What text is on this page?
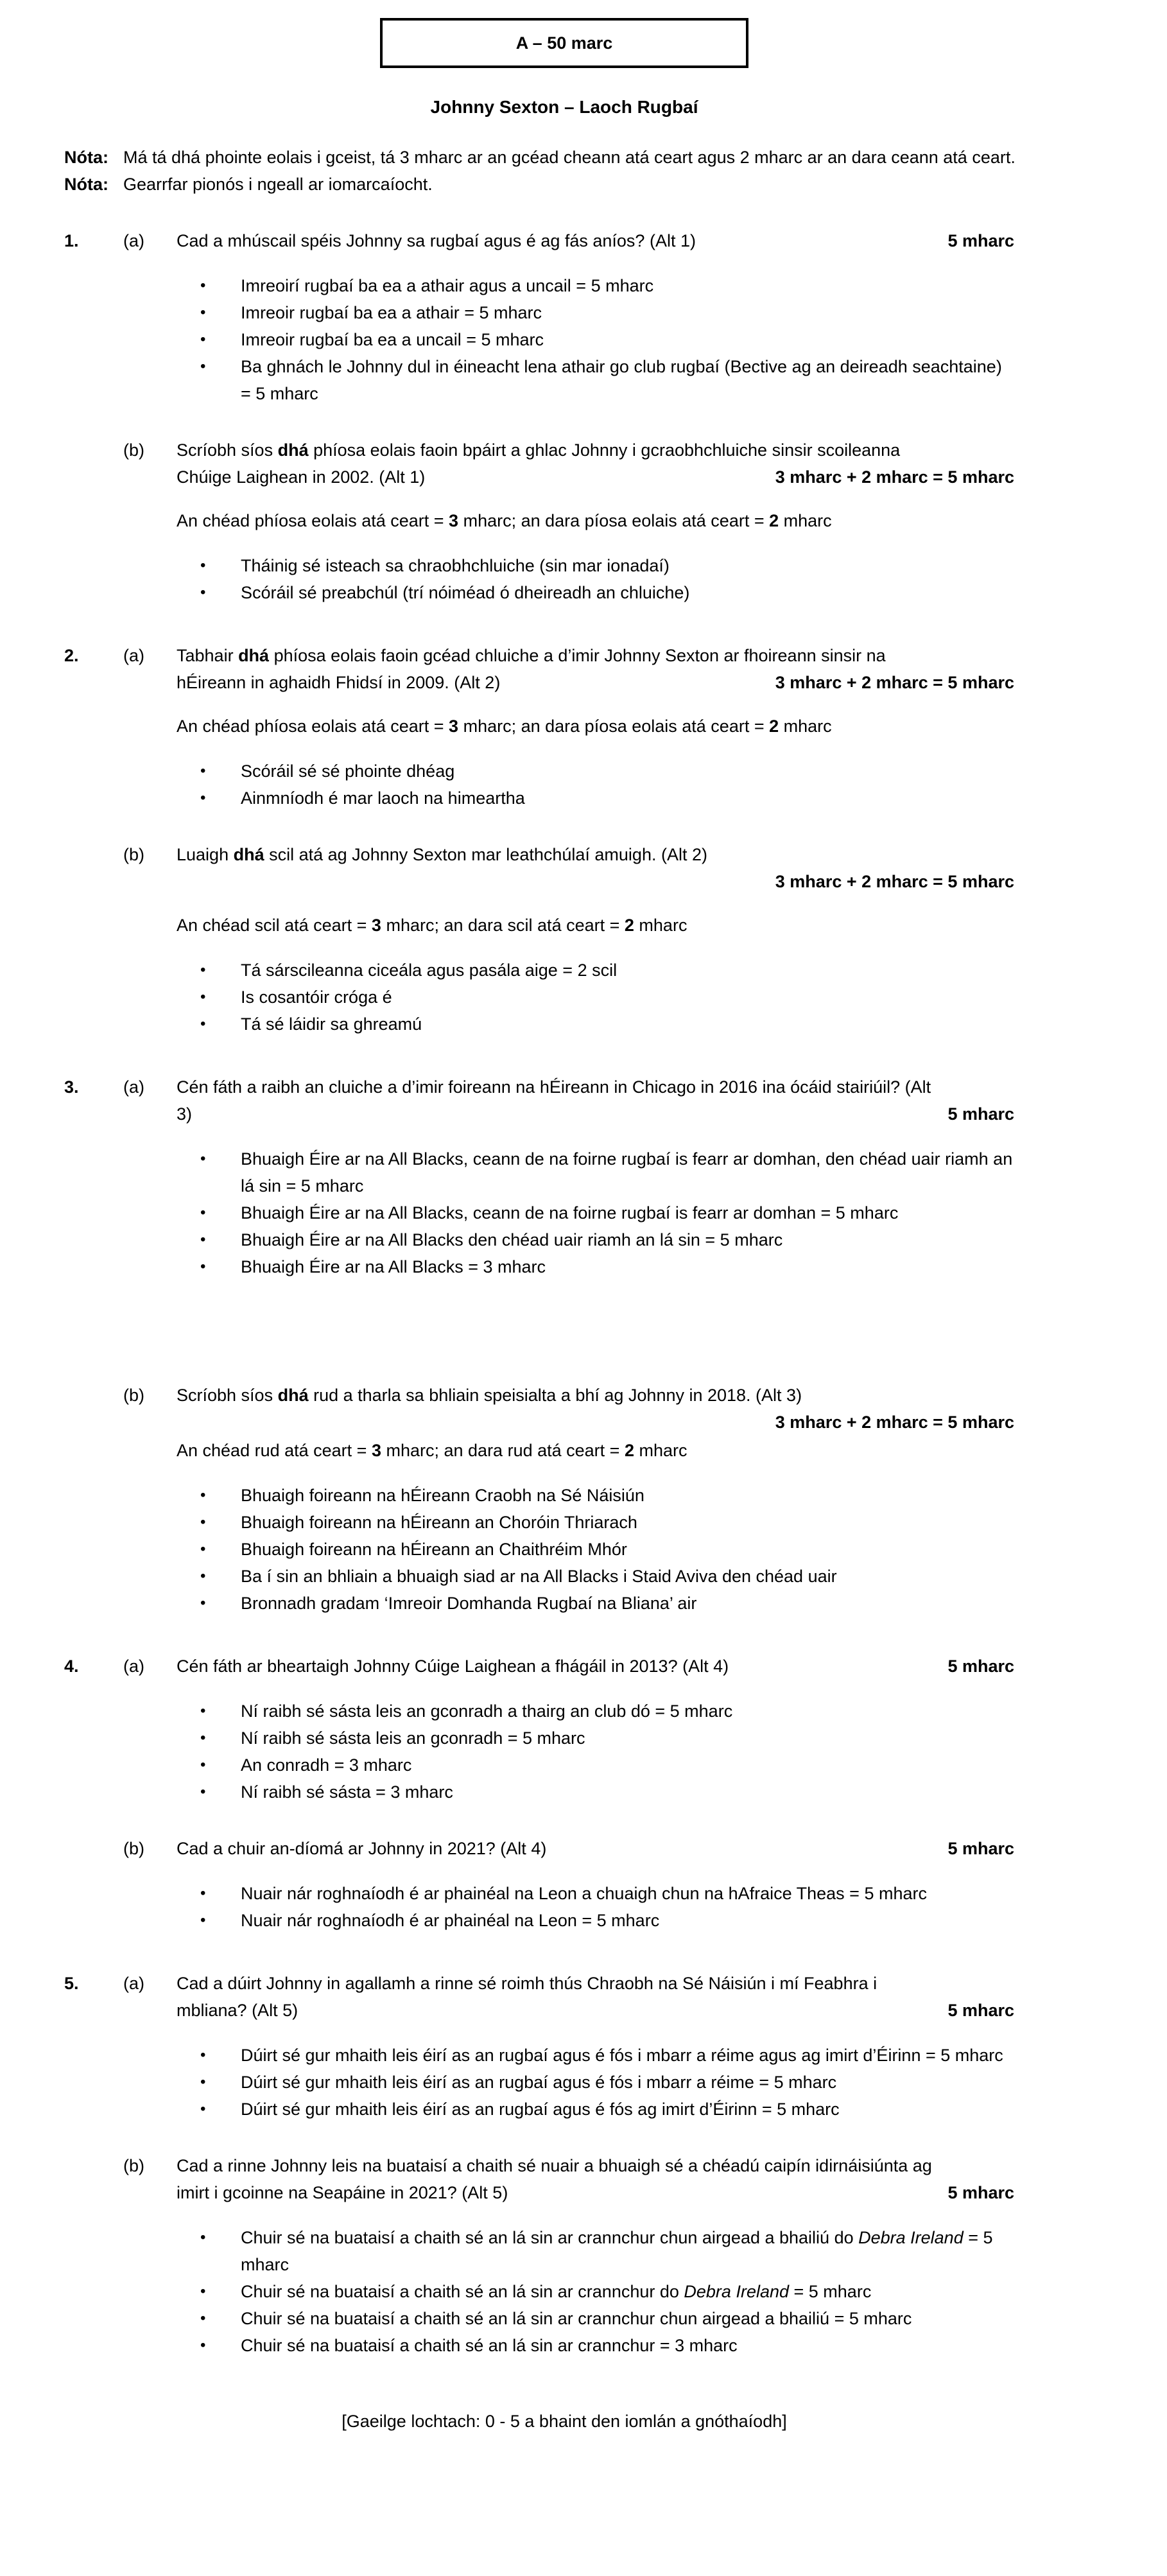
A – 50 marc
Johnny Sexton – Laoch Rugbaí
Nóta: Má tá dhá phointe eolais i gceist, tá 3 mharc ar an gcéad cheann atá ceart agus 2 mharc ar an dara ceann atá ceart.
Nóta: Gearrfar pionós i ngeall ar iomarcaíocht.
1.	(a)	Cad a mhúscail spéis Johnny sa rugbaí agus é ag fás aníos? (Alt 1)	5 mharc
•	Imreoirí rugbaí ba ea a athair agus a uncail = 5 mharc
•	Imreoir rugbaí ba ea a athair = 5 mharc
•	Imreoir rugbaí ba ea a uncail = 5 mharc
•	Ba ghnách le Johnny dul in éineacht lena athair go club rugbaí (Bective ag an deireadh seachtaine) = 5 mharc
(b)	Scríobh síos dhá phíosa eolais faoin bpáirt a ghlac Johnny i gcraobhchluiche sinsir scoileanna Chúige Laighean in 2002. (Alt 1)	3 mharc + 2 mharc = 5 mharc
An chéad phíosa eolais atá ceart = 3 mharc; an dara píosa eolais atá ceart = 2 mharc
•	Tháinig sé isteach sa chraobhchluiche (sin mar ionadaí)
•	Scóráil sé preabchúl (trí nóiméad ó dheireadh an chluiche)
2.	(a)	Tabhair dhá phíosa eolais faoin gcéad chluiche a d’imir Johnny Sexton ar fhoireann sinsir na hÉireann in aghaidh Fhidsí in 2009. (Alt 2)	3 mharc + 2 mharc = 5 mharc
An chéad phíosa eolais atá ceart = 3 mharc; an dara píosa eolais atá ceart = 2 mharc
•	Scóráil sé sé phointe dhéag
•	Ainmníodh é mar laoch na himeartha
(b)	Luaigh dhá scil atá ag Johnny Sexton mar leathchúlaí amuigh. (Alt 2)
3 mharc + 2 mharc = 5 mharc
An chéad scil atá ceart = 3 mharc; an dara scil atá ceart = 2 mharc
•	Tá sárscileanna ciceála agus pasála aige = 2 scil
•	Is cosantóir cróga é
•	Tá sé láidir sa ghreamú
3.	(a)	Cén fáth a raibh an cluiche a d’imir foireann na hÉireann in Chicago in 2016 ina ócáid stairiúil? (Alt 3)	5 mharc
•	Bhuaigh Éire ar na All Blacks, ceann de na foirne rugbaí is fearr ar domhan, den chéad uair riamh an lá sin = 5 mharc
•	Bhuaigh Éire ar na All Blacks, ceann de na foirne rugbaí is fearr ar domhan = 5 mharc
•	Bhuaigh Éire ar na All Blacks den chéad uair riamh an lá sin = 5 mharc
•	Bhuaigh Éire ar na All Blacks = 3 mharc
(b)	Scríobh síos dhá rud a tharla sa bhliain speisialta a bhí ag Johnny in 2018. (Alt 3)
3 mharc + 2 mharc = 5 mharc
An chéad rud atá ceart = 3 mharc; an dara rud atá ceart = 2 mharc
•	Bhuaigh foireann na hÉireann Craobh na Sé Náisiún
•	Bhuaigh foireann na hÉireann an Choróin Thriarach
•	Bhuaigh foireann na hÉireann an Chaithréim Mhór
•	Ba í sin an bhliain a bhuaigh siad ar na All Blacks i Staid Aviva den chéad uair
•	Bronnadh gradam ‘Imreoir Domhanda Rugbaí na Bliana’ air
4.	(a)	Cén fáth ar bheartaigh Johnny Cúige Laighean a fhágáil in 2013? (Alt 4)	5 mharc
•	Ní raibh sé sásta leis an gconradh a thairg an club dó = 5 mharc
•	Ní raibh sé sásta leis an gconradh = 5 mharc
•	An conradh = 3 mharc
•	Ní raibh sé sásta = 3 mharc
(b)	Cad a chuir an-díomá ar Johnny in 2021? (Alt 4)	5 mharc
•	Nuair nár roghnaíodh é ar phainéal na Leon a chuaigh chun na hAfraice Theas = 5 mharc
•	Nuair nár roghnaíodh é ar phainéal na Leon = 5 mharc
5.	(a)	Cad a dúirt Johnny in agallamh a rinne sé roimh thús Chraobh na Sé Náisiún i mí Feabhra i mbliana? (Alt 5)	5 mharc
•	Dúirt sé gur mhaith leis éirí as an rugbaí agus é fós i mbarr a réime agus ag imirt d’Éirinn = 5 mharc
•	Dúirt sé gur mhaith leis éirí as an rugbaí agus é fós i mbarr a réime = 5 mharc
•	Dúirt sé gur mhaith leis éirí as an rugbaí agus é fós ag imirt d’Éirinn = 5 mharc
(b)	Cad a rinne Johnny leis na buataisí a chaith sé nuair a bhuaigh sé a chéadú caipín idirnáisiúnta ag imirt i gcoinne na Seapáine in 2021? (Alt 5)	5 mharc
•	Chuir sé na buataisí a chaith sé an lá sin ar crannchur chun airgead a bhailiú do Debra Ireland = 5 mharc
•	Chuir sé na buataisí a chaith sé an lá sin ar crannchur do Debra Ireland = 5 mharc
•	Chuir sé na buataisí a chaith sé an lá sin ar crannchur chun airgead a bhailiú = 5 mharc
•	Chuir sé na buataisí a chaith sé an lá sin ar crannchur = 3 mharc
[Gaeilge lochtach: 0 - 5 a bhaint den iomlán a gnóthaíodh]
